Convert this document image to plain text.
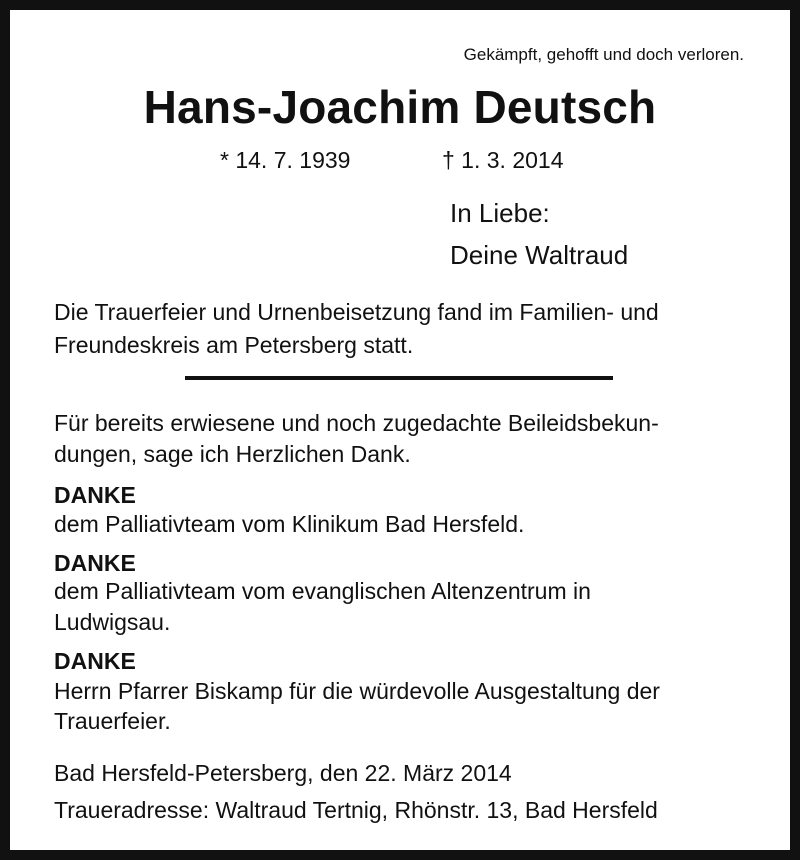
Gekämpft, gehofft und doch verloren.
Hans-Joachim Deutsch
* 14. 7. 1939	† 1. 3. 2014
In Liebe:
Deine Waltraud
Die Trauerfeier und Urnenbeisetzung fand im Familien- und
Freundeskreis am Petersberg statt.
Für bereits erwiesene und noch zugedachte Beileidsbekun-
dungen, sage ich Herzlichen Dank.
DANKE
dem Palliativteam vom Klinikum Bad Hersfeld.
DANKE
dem Palliativteam vom evanglischen Altenzentrum in
Ludwigsau.
DANKE
Herrn Pfarrer Biskamp für die würdevolle Ausgestaltung der
Trauerfeier.
Bad Hersfeld-Petersberg, den 22. März 2014
Traueradresse: Waltraud Tertnig, Rhönstr. 13, Bad Hersfeld
